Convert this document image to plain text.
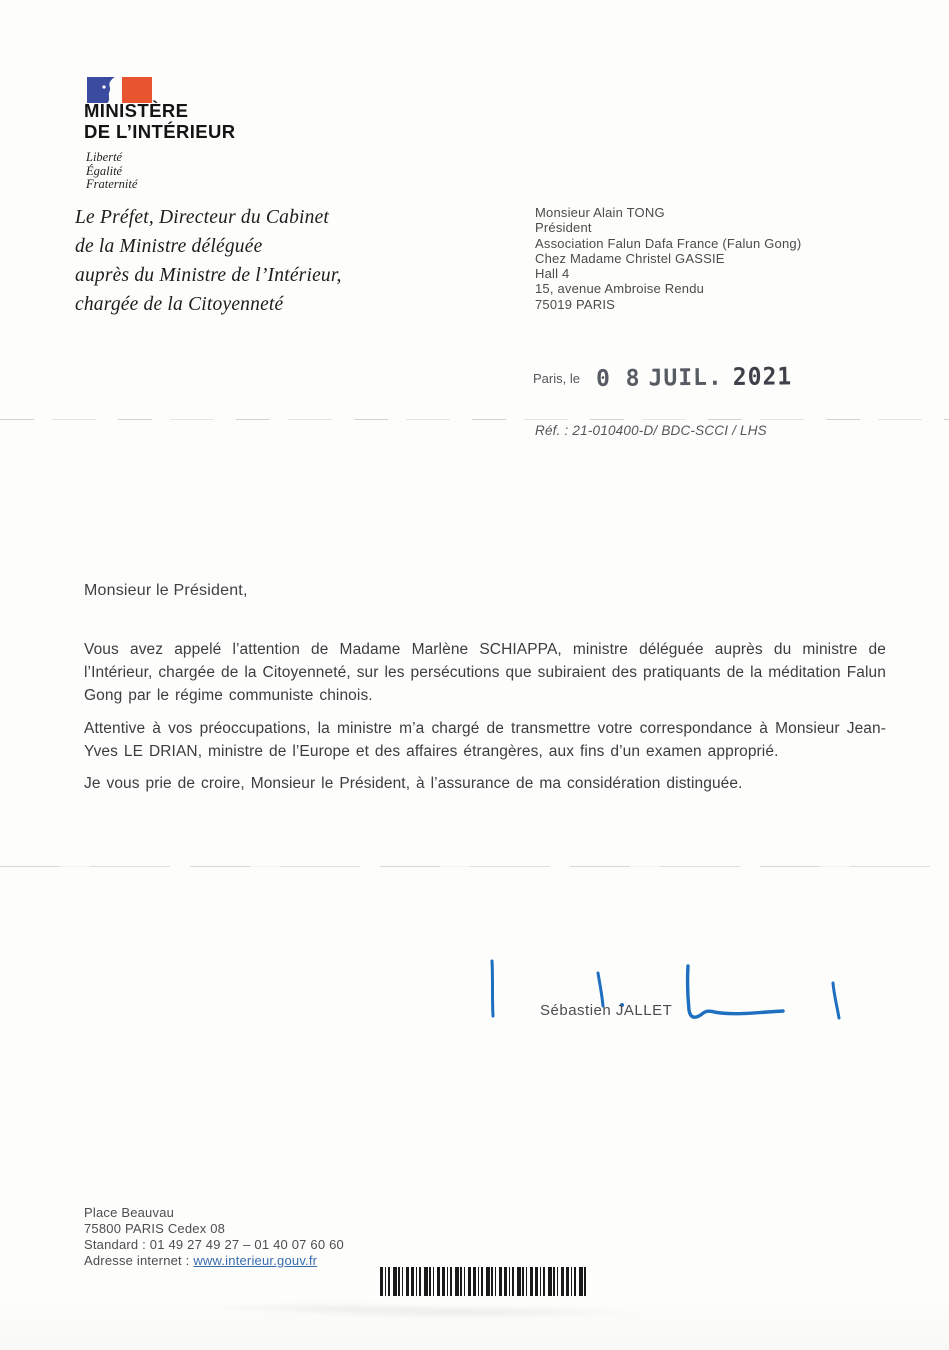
MINISTÈRE
DE L’INTÉRIEUR
Liberté
Égalité
Fraternité
Le Préfet, Directeur du Cabinet
de la Ministre déléguée
auprès du Ministre de l’Intérieur,
chargée de la Citoyenneté
Monsieur Alain TONG
Président
Association Falun Dafa France (Falun Gong)
Chez Madame Christel GASSIE
Hall 4
15, avenue Ambroise Rendu
75019 PARIS
Paris, le 0 8 JUIL. 2021
Réf. : 21-010400-D/ BDC-SCCI / LHS
Monsieur le Président,

Vous avez appelé l’attention de Madame Marlène SCHIAPPA, ministre déléguée auprès du ministre de l’Intérieur, chargée de la Citoyenneté, sur les persécutions que subiraient des pratiquants de la méditation Falun Gong par le régime communiste chinois.

Attentive à vos préoccupations, la ministre m’a chargé de transmettre votre correspondance à Monsieur Jean-Yves LE DRIAN, ministre de l’Europe et des affaires étrangères, aux fins d’un examen approprié.

Je vous prie de croire, Monsieur le Président, à l’assurance de ma considération distinguée.

Sébastien JALLET
Place Beauvau
75800 PARIS Cedex 08
Standard : 01 49 27 49 27 – 01 40 07 60 60
Adresse internet : www.interieur.gouv.fr
